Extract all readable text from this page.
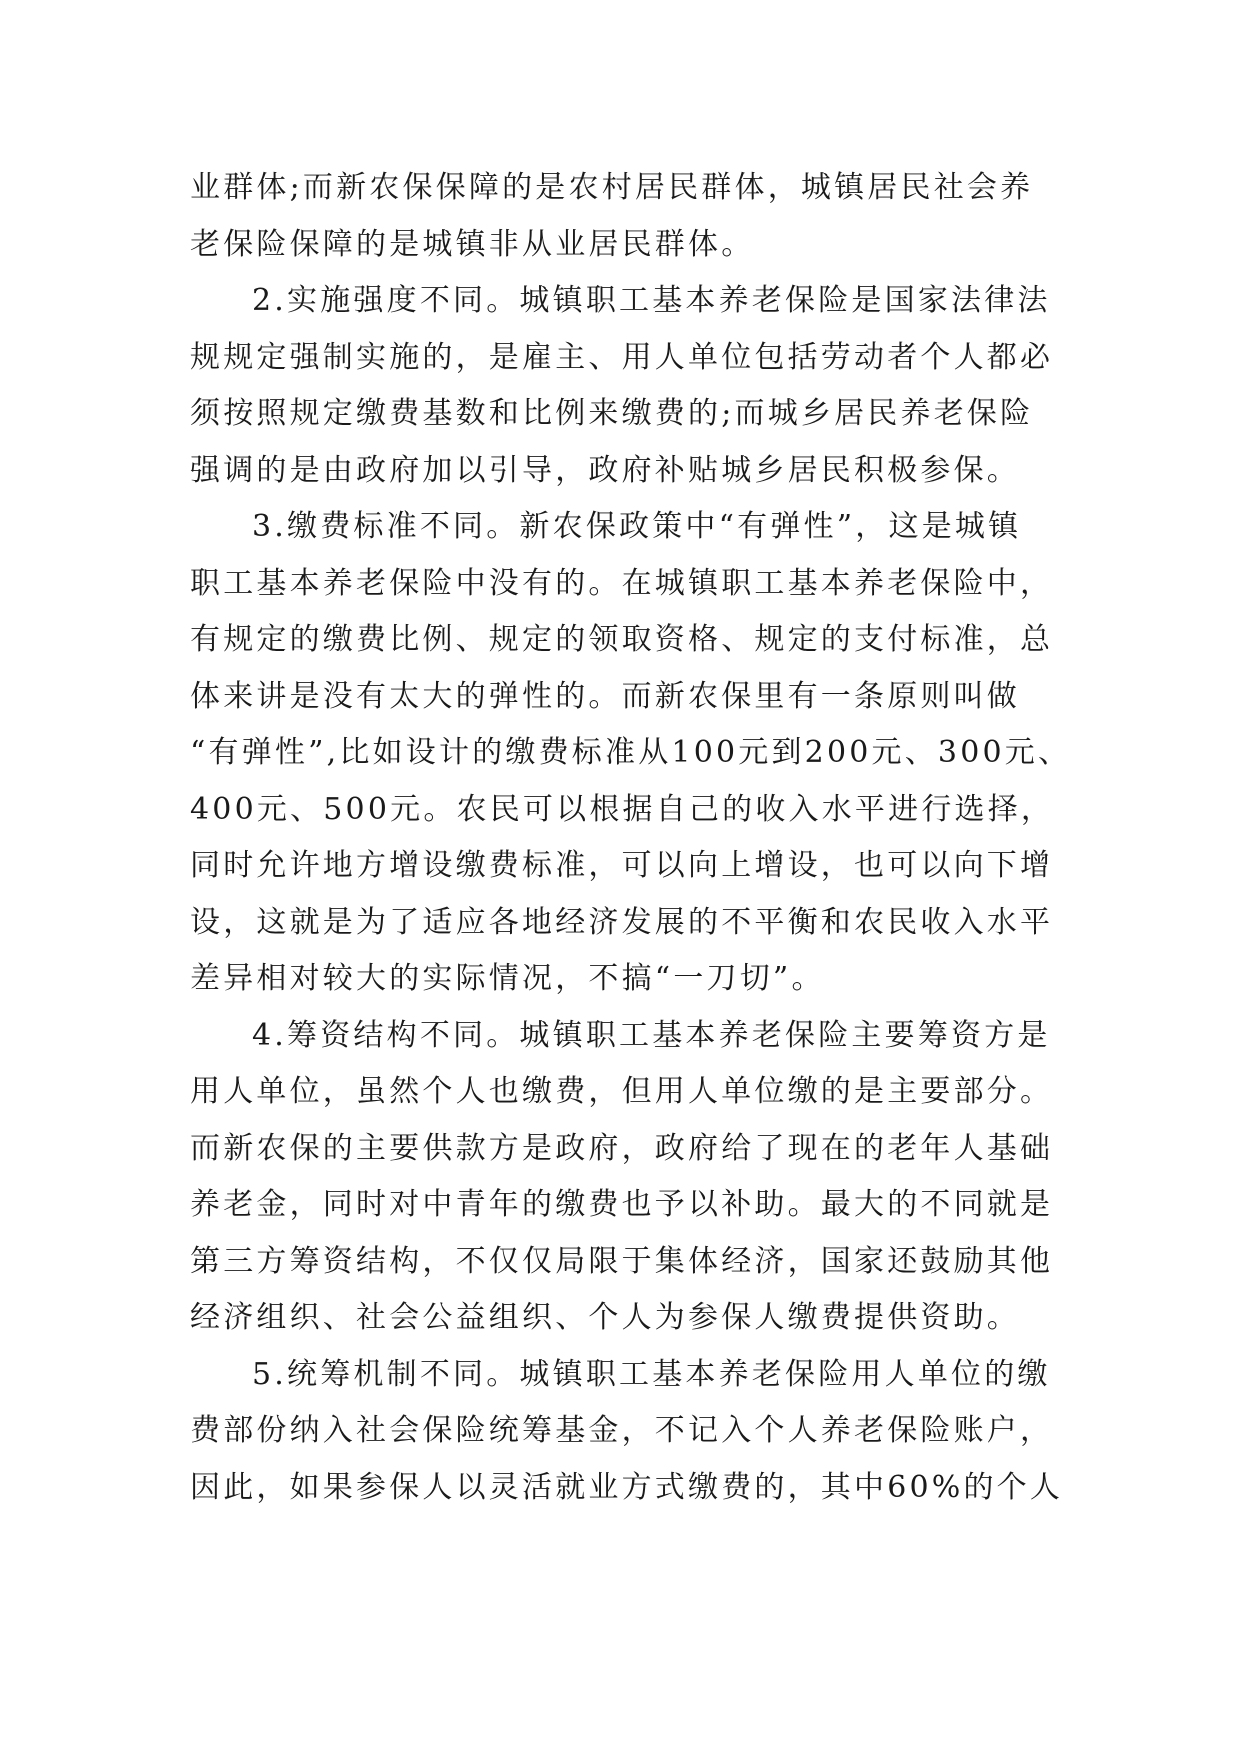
业群体;而新农保保障的是农村居民群体，城镇居民社会养
老保险保障的是城镇非从业居民群体。
2.实施强度不同。城镇职工基本养老保险是国家法律法
规规定强制实施的，是雇主、用人单位包括劳动者个人都必
须按照规定缴费基数和比例来缴费的;而城乡居民养老保险
强调的是由政府加以引导，政府补贴城乡居民积极参保。
3.缴费标准不同。新农保政策中“有弹性”，这是城镇
职工基本养老保险中没有的。在城镇职工基本养老保险中，
有规定的缴费比例、规定的领取资格、规定的支付标准，总
体来讲是没有太大的弹性的。而新农保里有一条原则叫做
“有弹性”,比如设计的缴费标准从100元到200元、300元、
400元、500元。农民可以根据自己的收入水平进行选择，
同时允许地方增设缴费标准，可以向上增设，也可以向下增
设，这就是为了适应各地经济发展的不平衡和农民收入水平
差异相对较大的实际情况，不搞“一刀切”。
4.筹资结构不同。城镇职工基本养老保险主要筹资方是
用人单位，虽然个人也缴费，但用人单位缴的是主要部分。
而新农保的主要供款方是政府，政府给了现在的老年人基础
养老金，同时对中青年的缴费也予以补助。最大的不同就是
第三方筹资结构，不仅仅局限于集体经济，国家还鼓励其他
经济组织、社会公益组织、个人为参保人缴费提供资助。
5.统筹机制不同。城镇职工基本养老保险用人单位的缴
费部份纳入社会保险统筹基金，不记入个人养老保险账户，
因此，如果参保人以灵活就业方式缴费的，其中60%的个人
